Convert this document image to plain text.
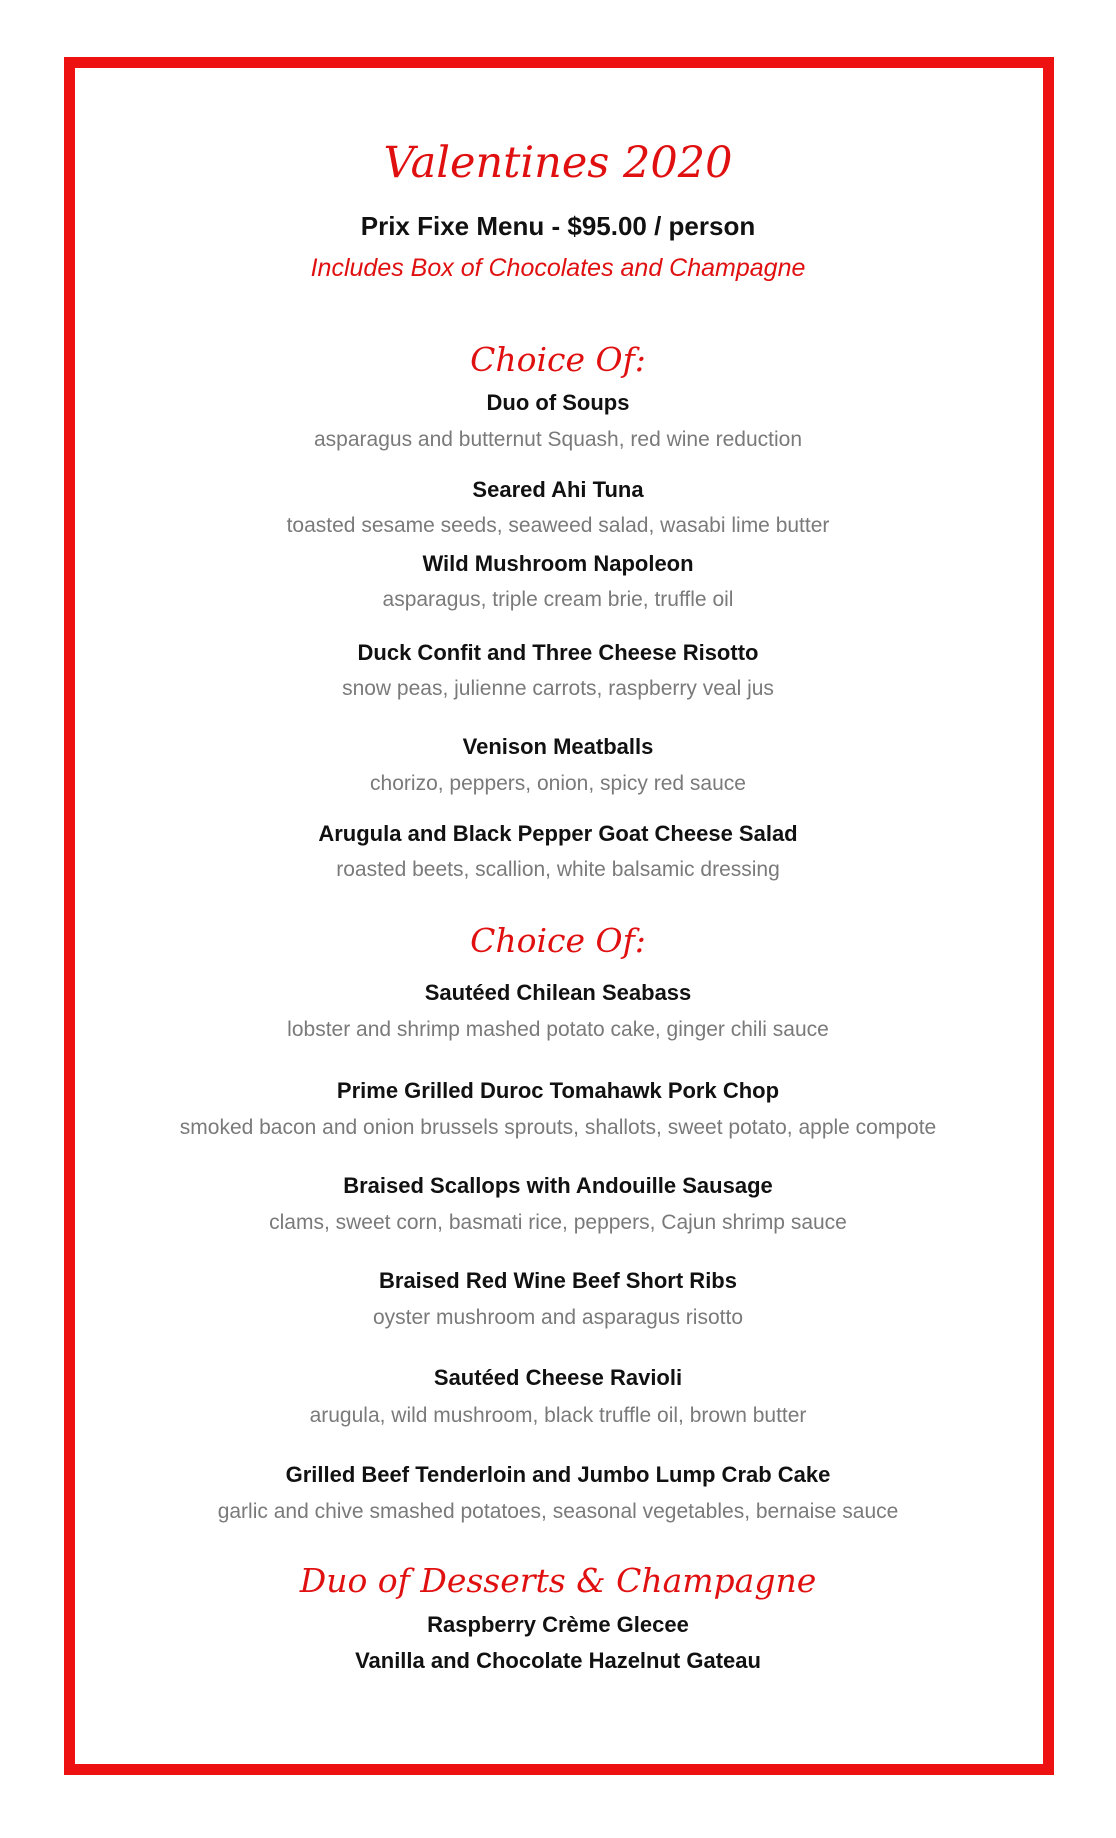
Valentines 2020
Prix Fixe Menu - $95.00 / person
Includes Box of Chocolates and Champagne
Choice Of:
Duo of Soups
asparagus and butternut Squash, red wine reduction
Seared Ahi Tuna
toasted sesame seeds, seaweed salad, wasabi lime butter
Wild Mushroom Napoleon
asparagus, triple cream brie, truffle oil
Duck Confit and Three Cheese Risotto
snow peas, julienne carrots, raspberry veal jus
Venison Meatballs
chorizo, peppers, onion, spicy red sauce
Arugula and Black Pepper Goat Cheese Salad
roasted beets, scallion, white balsamic dressing
Choice Of:
Sautéed Chilean Seabass
lobster and shrimp mashed potato cake, ginger chili sauce
Prime Grilled Duroc Tomahawk Pork Chop
smoked bacon and onion brussels sprouts, shallots, sweet potato, apple compote
Braised Scallops with Andouille Sausage
clams, sweet corn, basmati rice, peppers, Cajun shrimp sauce
Braised Red Wine Beef Short Ribs
oyster mushroom and asparagus risotto
Sautéed Cheese Ravioli
arugula, wild mushroom, black truffle oil, brown butter
Grilled Beef Tenderloin and Jumbo Lump Crab Cake
garlic and chive smashed potatoes, seasonal vegetables, bernaise sauce
Duo of Desserts & Champagne
Raspberry Crème Glecee
Vanilla and Chocolate Hazelnut Gateau
